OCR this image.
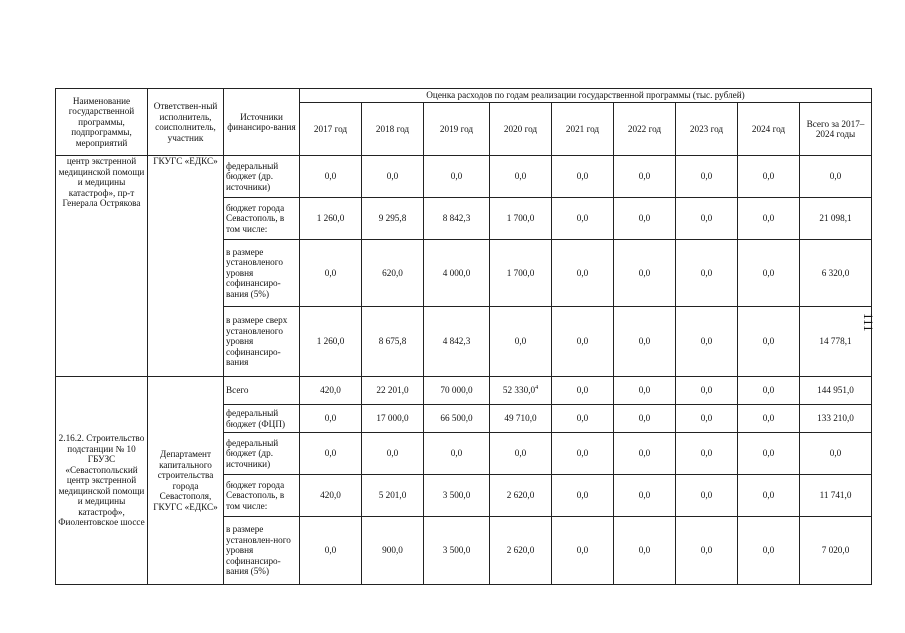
Наименование государственной программы, подпрограммы, мероприятий	Ответствен-ный исполнитель, соисполнитель, участник	Источники финансиро-вания	Оценка расходов по годам реализации государственной программы (тыс. рублей)								
			2017 год	2018 год	2019 год	2020 год	2021 год	2022 год	2023 год	2024 год	Всего за 2017–2024 годы
центр экстренной медицинской помощи и медицины катастроф», пр-т Генерала Острякова	ГКУГС «ЕДКС»	федеральный бюджет (др. источники)	0,0	0,0	0,0	0,0	0,0	0,0	0,0	0,0	0,0
		бюджет города Севастополь, в том числе:	1 260,0	9 295,8	8 842,3	1 700,0	0,0	0,0	0,0	0,0	21 098,1
		в размере установленого уровня софинансиро-вания (5%)	0,0	620,0	4 000,0	1 700,0	0,0	0,0	0,0	0,0	6 320,0
		в размере сверх установленого уровня софинансиро-вания	1 260,0	8 675,8	4 842,3	0,0	0,0	0,0	0,0	0,0	14 778,1
2.16.2. Строительство подстанции № 10 ГБУЗС «Севастопольский центр экстренной медицинской помощи и медицины катастроф», Фиолентовское шоссе	Департамент капитального строительства города Севастополя, ГКУГС «ЕДКС»	Всего	420,0	22 201,0	70 000,0	52 330,0$^4$	0,0	0,0	0,0	0,0	144 951,0
		федеральный бюджет (ФЦП)	0,0	17 000,0	66 500,0	49 710,0	0,0	0,0	0,0	0,0	133 210,0
		федеральный бюджет (др. источники)	0,0	0,0	0,0	0,0	0,0	0,0	0,0	0,0	0,0
		бюджет города Севастополь, в том числе:	420,0	5 201,0	3 500,0	2 620,0	0,0	0,0	0,0	0,0	11 741,0
		в размере установлен-ного уровня софинансиро-вания (5%)	0,0	900,0	3 500,0	2 620,0	0,0	0,0	0,0	0,0	7 020,0
111
